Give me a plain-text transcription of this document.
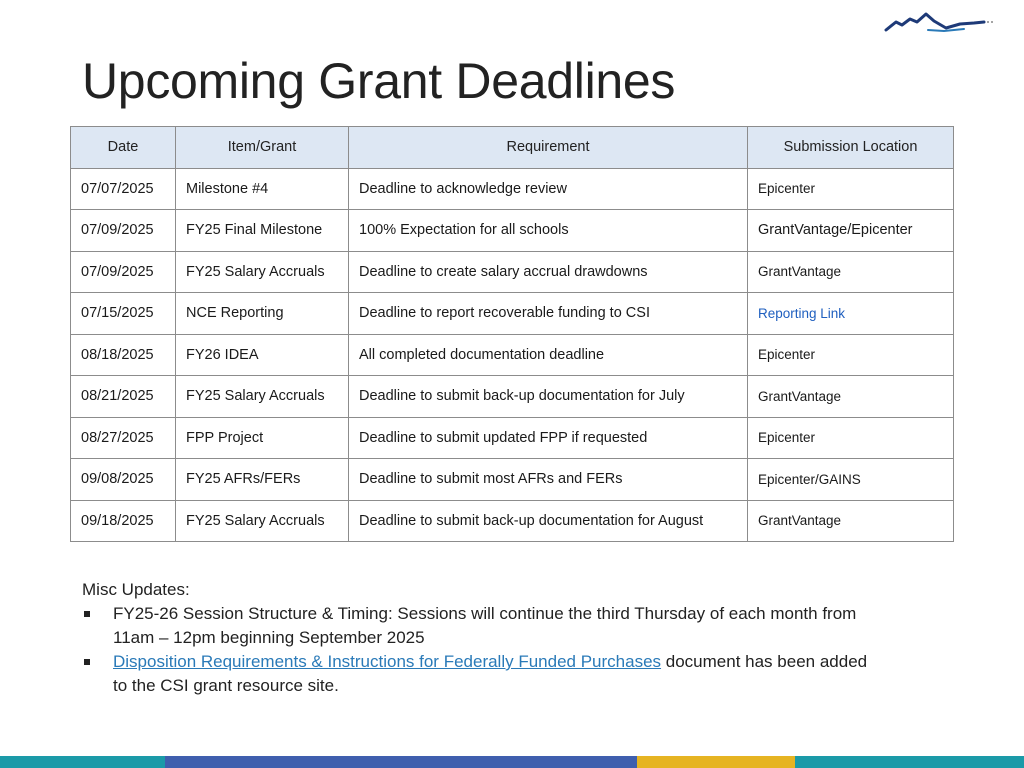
Upcoming Grant Deadlines
Date	Item/Grant	Requirement	Submission Location
07/07/2025	Milestone #4	Deadline to acknowledge review	Epicenter
07/09/2025	FY25 Final Milestone	100% Expectation for all schools	GrantVantage/Epicenter
07/09/2025	FY25 Salary Accruals	Deadline to create salary accrual drawdowns	GrantVantage
07/15/2025	NCE Reporting	Deadline to report recoverable funding to CSI	Reporting Link
08/18/2025	FY26 IDEA	All completed documentation deadline	Epicenter
08/21/2025	FY25 Salary Accruals	Deadline to submit back-up documentation for July	GrantVantage
08/27/2025	FPP Project	Deadline to submit updated FPP if requested	Epicenter
09/08/2025	FY25 AFRs/FERs	Deadline to submit most AFRs and FERs	Epicenter/GAINS
09/18/2025	FY25 Salary Accruals	Deadline to submit back-up documentation for August	GrantVantage
Misc Updates:
FY25-26 Session Structure & Timing: Sessions will continue the third Thursday of each month from 11am – 12pm beginning September 2025
Disposition Requirements & Instructions for Federally Funded Purchases document has been added to the CSI grant resource site.
